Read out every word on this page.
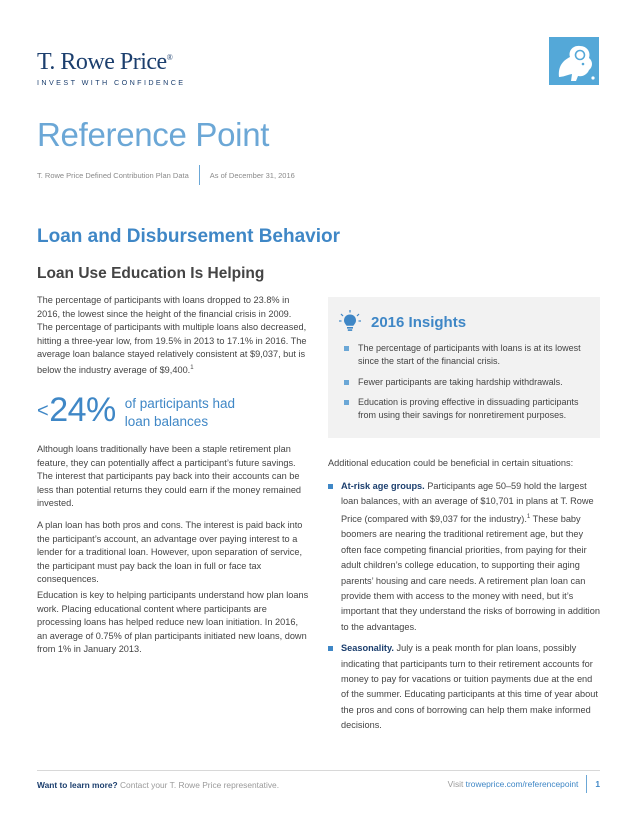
T. Rowe Price®
INVEST WITH CONFIDENCE
Reference Point
T. Rowe Price Defined Contribution Plan Data	As of December 31, 2016
Loan and Disbursement Behavior
Loan Use Education Is Helping

The percentage of participants with loans dropped to 23.8% in 2016, the lowest since the height of the financial crisis in 2009. The percentage of participants with multiple loans also decreased, hitting a three-year low, from 19.5% in 2013 to 17.1% in 2016. The average loan balance stayed relatively consistent at $9,037, but is below the industry average of $9,400.$^1$

<24% of participants had loan balances

Although loans traditionally have been a staple retirement plan feature, they can potentially affect a participant’s future savings. The interest that participants pay back into their accounts can be less than potential returns they could earn if the money remained invested.

A plan loan has both pros and cons. The interest is paid back into the participant’s account, an advantage over paying interest to a lender for a traditional loan. However, upon separation of service, the participant must pay back the loan in full or face tax consequences.

Education is key to helping participants understand how plan loans work. Placing educational content where participants are processing loans has helped reduce new loan initiation. In 2016, an average of 0.75% of plan participants initiated new loans, down from 1% in January 2013.

2016 Insights
The percentage of participants with loans is at its lowest since the start of the financial crisis.
Fewer participants are taking hardship withdrawals.
Education is proving effective in dissuading participants from using their savings for nonretirement purposes.
Additional education could be beneficial in certain situations:
At-risk age groups. Participants age 50–59 hold the largest loan balances, with an average of $10,701 in plans at T. Rowe Price (compared with $9,037 for the industry).$^1$ These baby boomers are nearing the traditional retirement age, but they often face competing financial priorities, from paying for their adult children’s college education, to supporting their aging parents’ housing and care needs. A retirement plan loan can provide them with access to the money with need, but it’s important that they understand the risks of borrowing in addition to the advantages.
Seasonality. July is a peak month for plan loans, possibly indicating that participants turn to their retirement accounts for money to pay for vacations or tuition payments due at the end of the summer. Educating participants at this time of year about the pros and cons of borrowing can help them make informed decisions.
Want to learn more? Contact your T. Rowe Price representative.	Visit
troweprice.com/referencepoint 1
